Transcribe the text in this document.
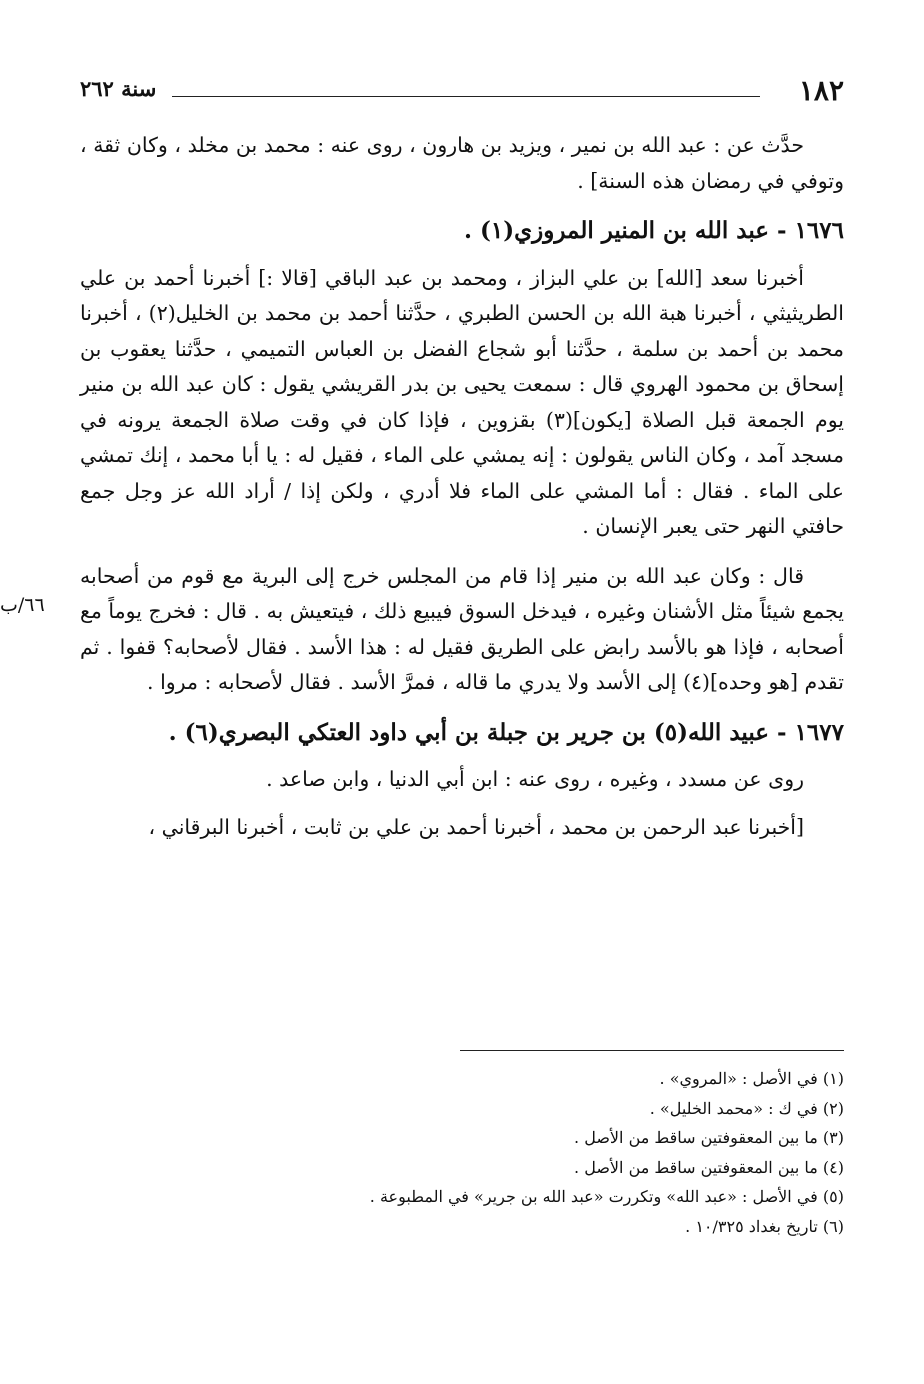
١٨٢
سنة ٢٦٢
٦٦/ب

حدَّث عن : عبد الله بن نمير ، ويزيد بن هارون ، روى عنه : محمد بن مخلد ، وكان ثقة ، وتوفي في رمضان هذه السنة] .

١٦٧٦ - عبد الله بن المنير المروزي(١) .

أخبرنا سعد [الله] بن علي البزاز ، ومحمد بن عبد الباقي [قالا :] أخبرنا أحمد بن علي الطريثيثي ، أخبرنا هبة الله بن الحسن الطبري ، حدَّثنا أحمد بن محمد بن الخليل(٢) ، أخبرنا محمد بن أحمد بن سلمة ، حدَّثنا أبو شجاع الفضل بن العباس التميمي ، حدَّثنا يعقوب بن إسحاق بن محمود الهروي قال : سمعت يحيى بن بدر القريشي يقول : كان عبد الله بن منير يوم الجمعة قبل الصلاة [يكون](٣) بقزوين ، فإذا كان في وقت صلاة الجمعة يرونه في مسجد آمد ، وكان الناس يقولون : إنه يمشي على الماء ، فقيل له : يا أبا محمد ، إنك تمشي على الماء . فقال : أما المشي على الماء فلا أدري ، ولكن إذا / أراد الله عز وجل جمع حافتي النهر حتى يعبر الإنسان .

قال : وكان عبد الله بن منير إذا قام من المجلس خرج إلى البرية مع قوم من أصحابه يجمع شيئاً مثل الأشنان وغيره ، فيدخل السوق فيبيع ذلك ، فيتعيش به . قال : فخرج يوماً مع أصحابه ، فإذا هو بالأسد رابض على الطريق فقيل له : هذا الأسد . فقال لأصحابه؟ قفوا . ثم تقدم [هو وحده](٤) إلى الأسد ولا يدري ما قاله ، فمرَّ الأسد . فقال لأصحابه : مروا .

١٦٧٧ - عبيد الله(٥) بن جرير بن جبلة بن أبي داود العتكي البصري(٦) .

روى عن مسدد ، وغيره ، روى عنه : ابن أبي الدنيا ، وابن صاعد .

[أخبرنا عبد الرحمن بن محمد ، أخبرنا أحمد بن علي بن ثابت ، أخبرنا البرقاني ،

(١) في الأصل : «المروي» .

(٢) في ك : «محمد الخليل» .

(٣) ما بين المعقوفتين ساقط من الأصل .

(٤) ما بين المعقوفتين ساقط من الأصل .

(٥) في الأصل : «عبد الله» وتكررت «عبد الله بن جرير» في المطبوعة .

(٦) تاريخ بغداد ١٠/٣٢٥ .
